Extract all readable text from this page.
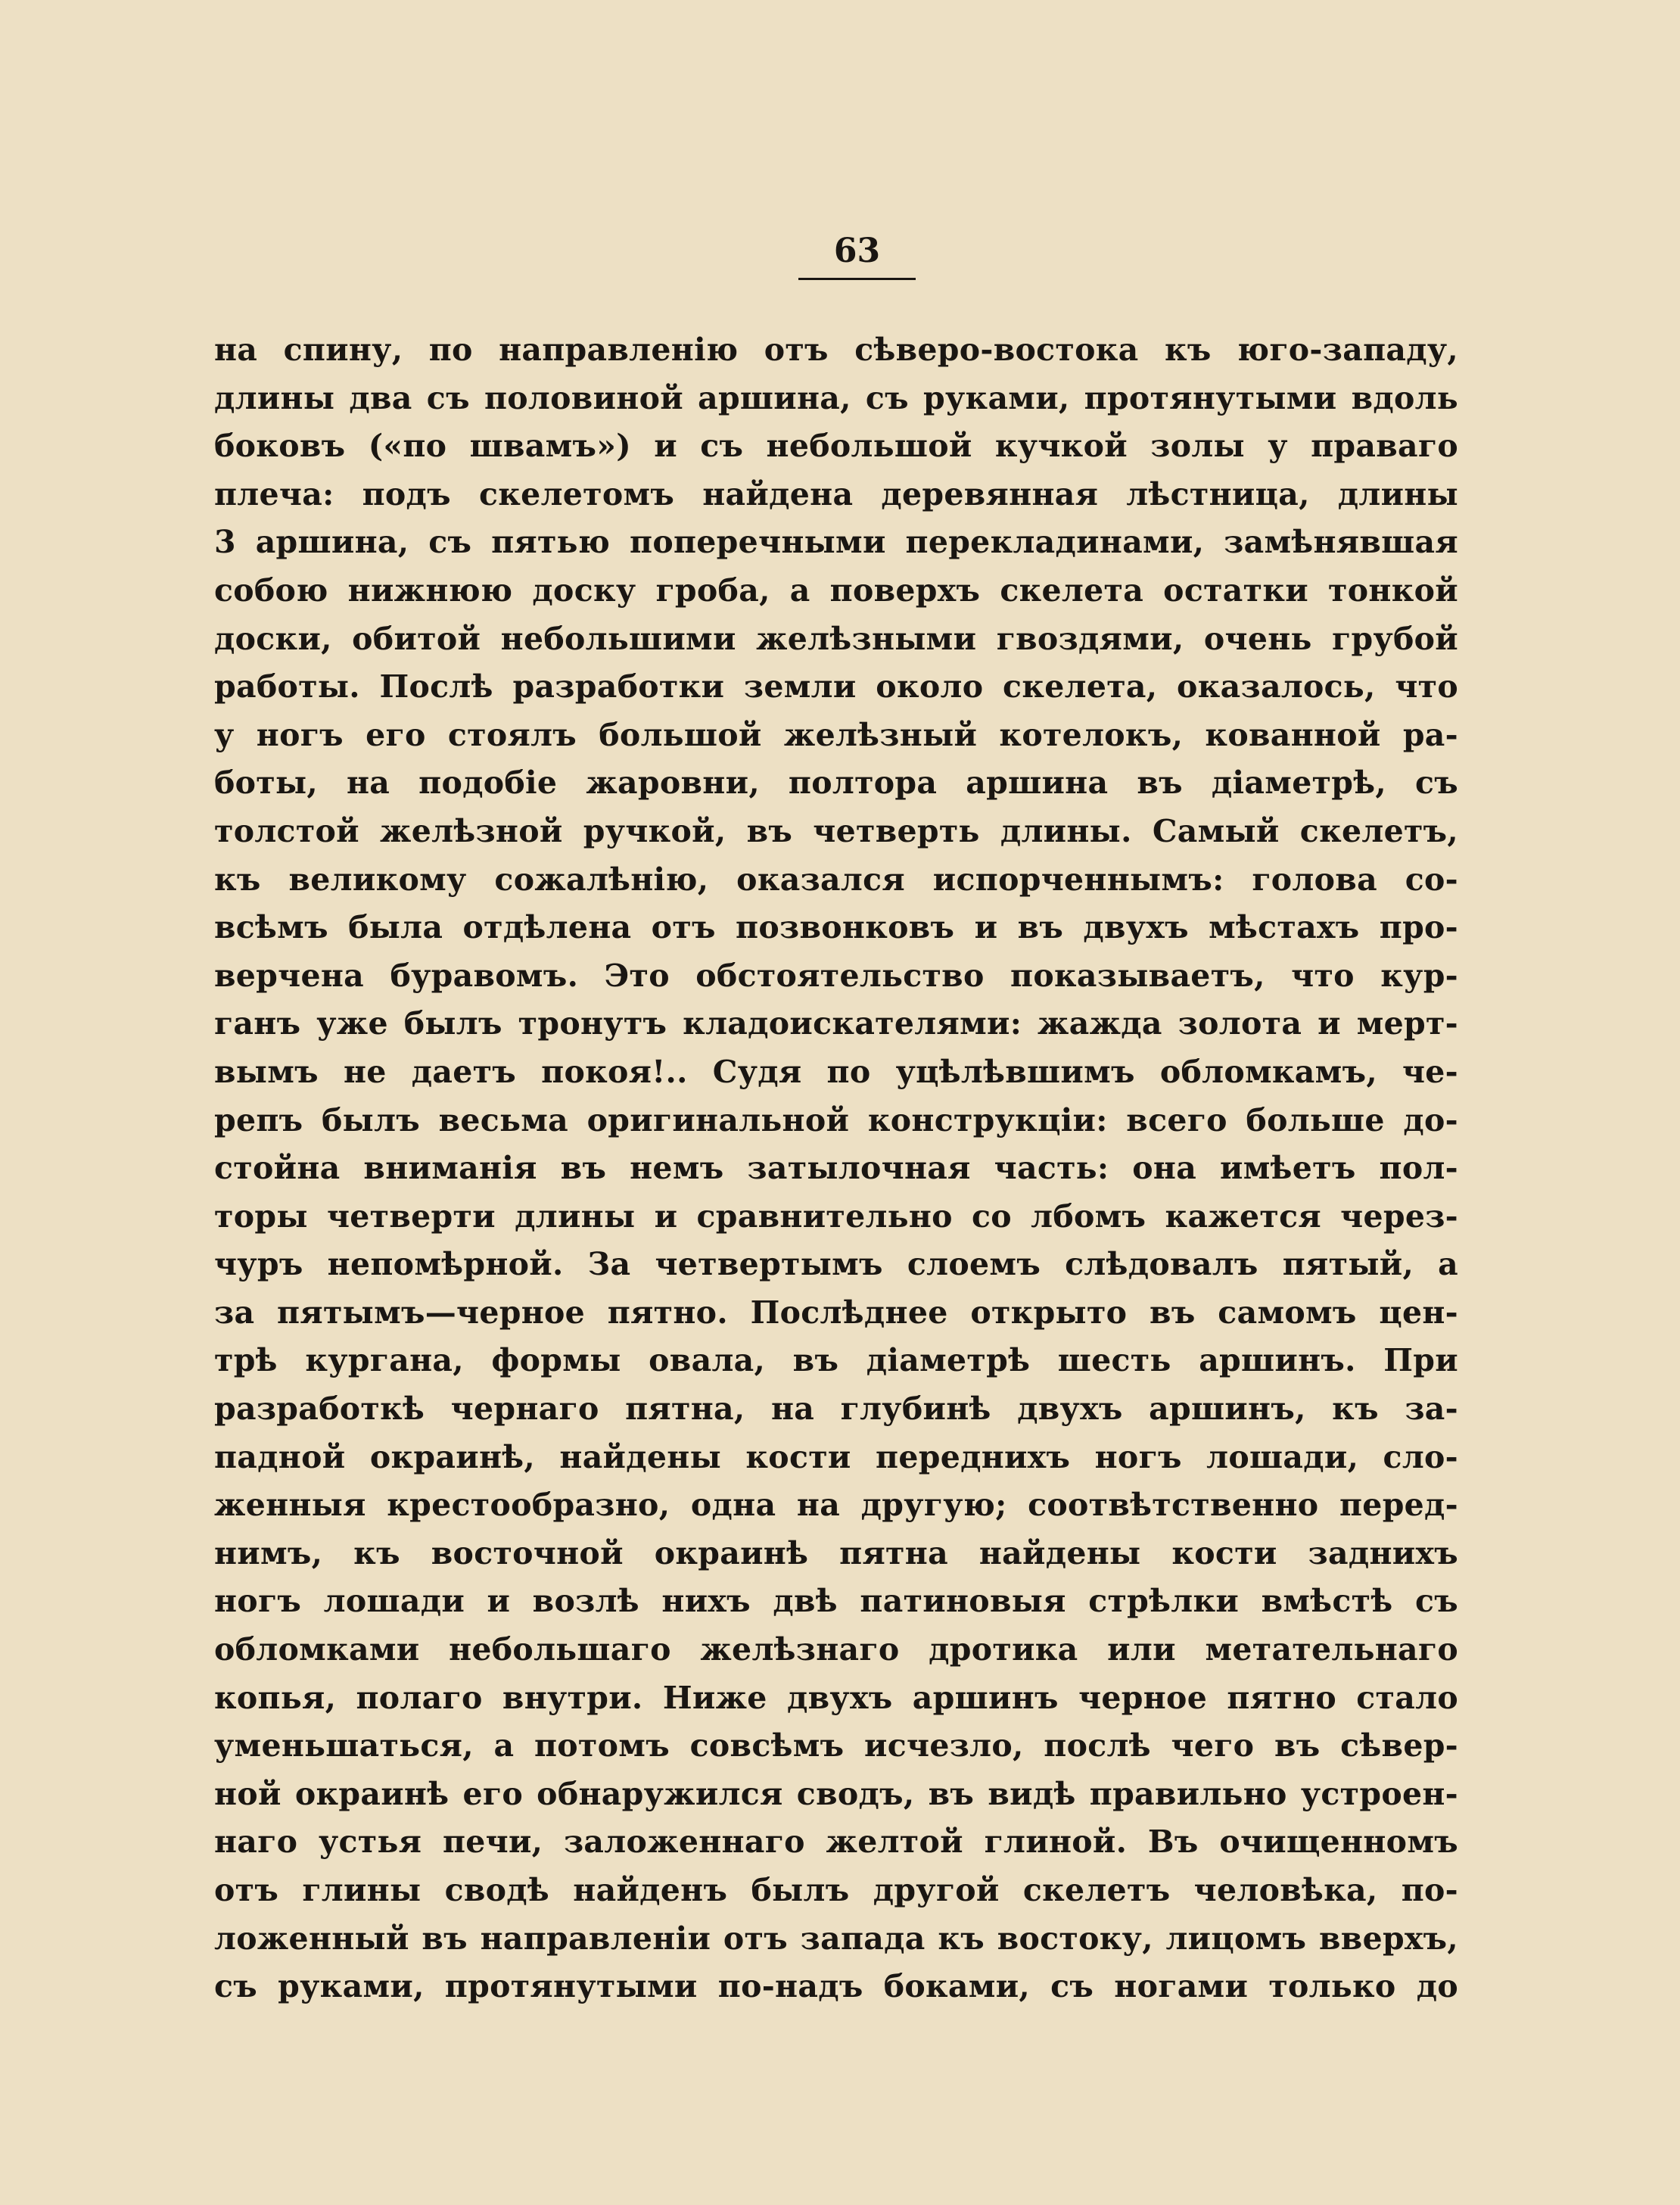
63
на спину, по направленію отъ сѣверо-востока къ юго-западу,
длины два съ половиной аршина, съ руками, протянутыми вдоль
боковъ («по швамъ») и съ небольшой кучкой золы у праваго
плеча: подъ скелетомъ найдена деревянная лѣстница, длины
3 аршина, съ пятью поперечными перекладинами, замѣнявшая
собою нижнюю доску гроба, а поверхъ скелета остатки тонкой
доски, обитой небольшими желѣзными гвоздями, очень грубой
работы. Послѣ разработки земли около скелета, оказалось, что
у ногъ его стоялъ большой желѣзный котелокъ, кованной ра-
боты, на подобіе жаровни, полтора аршина въ діаметрѣ, съ
толстой желѣзной ручкой, въ четверть длины. Самый скелетъ,
къ великому сожалѣнію, оказался испорченнымъ: голова со-
всѣмъ была отдѣлена отъ позвонковъ и въ двухъ мѣстахъ про-
верчена буравомъ. Это обстоятельство показываетъ, что кур-
ганъ уже былъ тронутъ кладоискателями: жажда золота и мерт-
вымъ не даетъ покоя!.. Судя по уцѣлѣвшимъ обломкамъ, че-
репъ былъ весьма оригинальной конструкціи: всего больше до-
стойна вниманія въ немъ затылочная часть: она имѣетъ пол-
торы четверти длины и сравнительно со лбомъ кажется через-
чуръ непомѣрной. За четвертымъ слоемъ слѣдовалъ пятый, а
за пятымъ—черное пятно. Послѣднее открыто въ самомъ цен-
трѣ кургана, формы овала, въ діаметрѣ шесть аршинъ. При
разработкѣ чернаго пятна, на глубинѣ двухъ аршинъ, къ за-
падной окраинѣ, найдены кости переднихъ ногъ лошади, сло-
женныя крестообразно, одна на другую; соотвѣтственно перед-
нимъ, къ восточной окраинѣ пятна найдены кости заднихъ
ногъ лошади и возлѣ нихъ двѣ патиновыя стрѣлки вмѣстѣ съ
обломками небольшаго желѣзнаго дротика или метательнаго
копья, полаго внутри. Ниже двухъ аршинъ черное пятно стало
уменьшаться, а потомъ совсѣмъ исчезло, послѣ чего въ сѣвер-
ной окраинѣ его обнаружился сводъ, въ видѣ правильно устроен-
наго устья печи, заложеннаго желтой глиной. Въ очищенномъ
отъ глины сводѣ найденъ былъ другой скелетъ человѣка, по-
ложенный въ направленіи отъ запада къ востоку, лицомъ вверхъ,
съ руками, протянутыми по-надъ боками, съ ногами только до
